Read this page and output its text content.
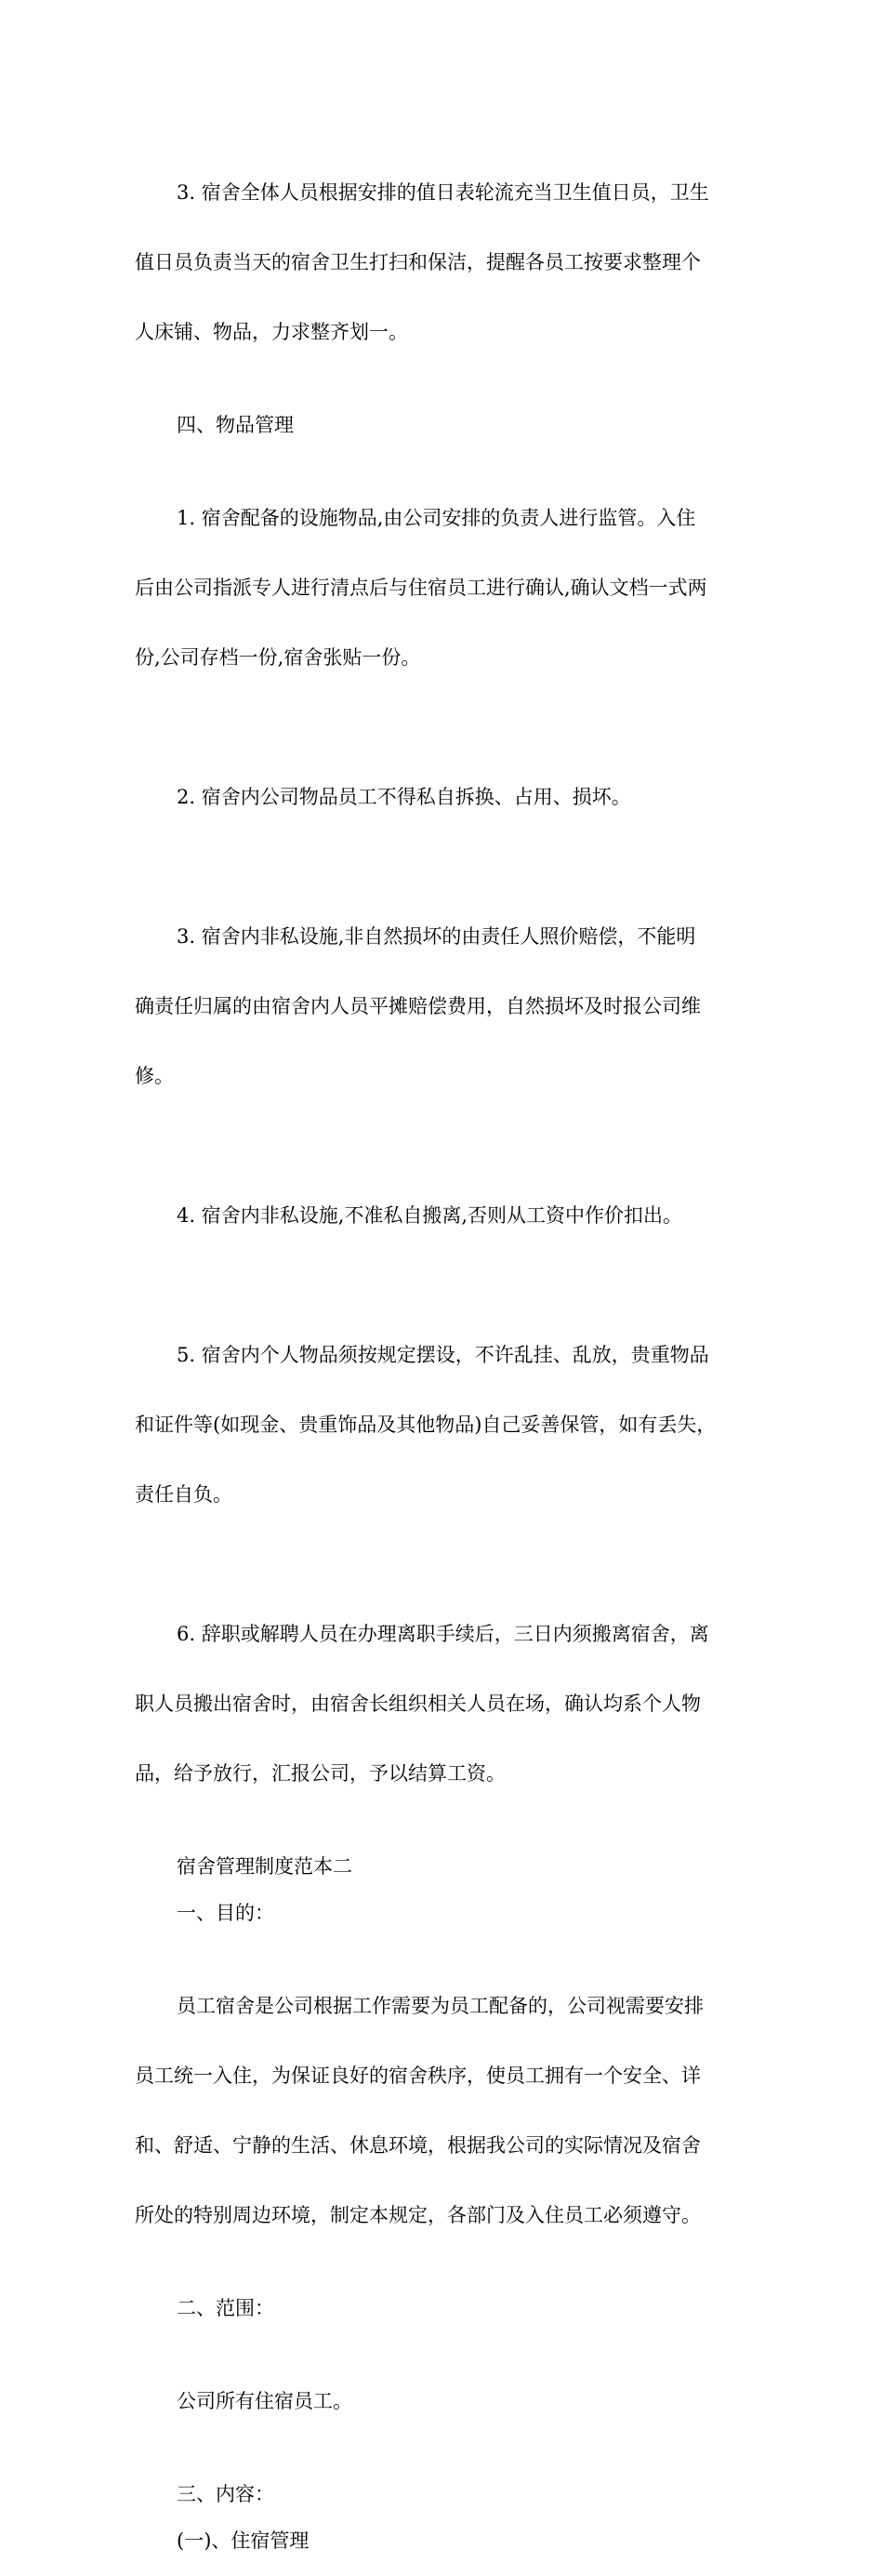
3. 宿舍全体人员根据安排的值日表轮流充当卫生值日员，卫生

值日员负责当天的宿舍卫生打扫和保洁，提醒各员工按要求整理个

人床铺、物品，力求整齐划一。

四、物品管理

1. 宿舍配备的设施物品,由公司安排的负责人进行监管。入住

后由公司指派专人进行清点后与住宿员工进行确认,确认文档一式两

份,公司存档一份,宿舍张贴一份。

2. 宿舍内公司物品员工不得私自拆换、占用、损坏。

3. 宿舍内非私设施,非自然损坏的由责任人照价赔偿，不能明

确责任归属的由宿舍内人员平摊赔偿费用，自然损坏及时报公司维

修。

4. 宿舍内非私设施,不准私自搬离,否则从工资中作价扣出。

5. 宿舍内个人物品须按规定摆设，不许乱挂、乱放，贵重物品

和证件等(如现金、贵重饰品及其他物品)自己妥善保管，如有丢失，

责任自负。

6. 辞职或解聘人员在办理离职手续后，三日内须搬离宿舍，离

职人员搬出宿舍时，由宿舍长组织相关人员在场，确认均系个人物

品，给予放行，汇报公司，予以结算工资。

宿舍管理制度范本二
一、目的：

员工宿舍是公司根据工作需要为员工配备的，公司视需要安排

员工统一入住，为保证良好的宿舍秩序，使员工拥有一个安全、详

和、舒适、宁静的生活、休息环境，根据我公司的实际情况及宿舍

所处的特别周边环境，制定本规定，各部门及入住员工必须遵守。

二、范围：

公司所有住宿员工。

三、内容：
(一)、住宿管理
